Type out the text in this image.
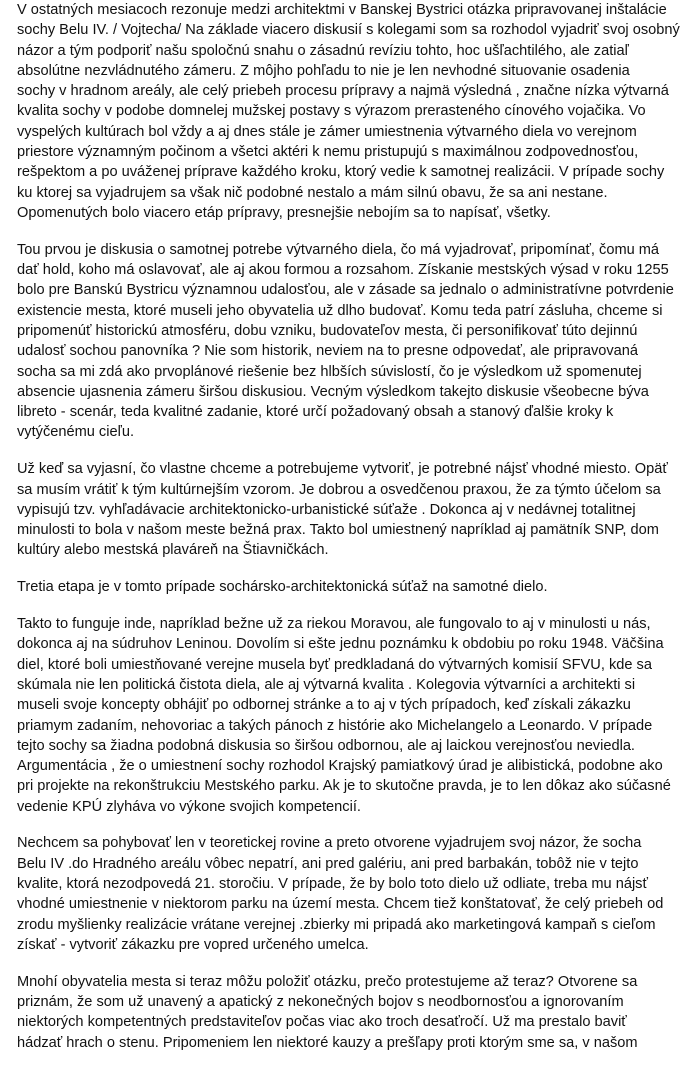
V ostatných mesiacoch rezonuje medzi architektmi v Banskej Bystrici otázka pripravovanej inštalácie
sochy Belu IV. / Vojtecha/ Na základe viacero diskusií s kolegami som sa rozhodol vyjadriť svoj osobný
názor a tým podporiť našu spoločnú snahu o zásadnú revíziu tohto, hoc ušľachtilého, ale zatiaľ
absolútne nezvládnutého zámeru. Z môjho pohľadu to nie je len nevhodné situovanie osadenia
sochy v hradnom areály, ale celý priebeh procesu prípravy a najmä výsledná , značne nízka výtvarná
kvalita sochy v podobe domnelej mužskej postavy s výrazom prerasteného cínového vojačika. Vo
vyspelých kultúrach bol vždy a aj dnes stále je zámer umiestnenia výtvarného diela vo verejnom
priestore významným počinom a všetci aktéri k nemu pristupujú s maximálnou zodpovednosťou,
rešpektom a po uváženej príprave každého kroku, ktorý vedie k samotnej realizácii. V prípade sochy
ku ktorej sa vyjadrujem sa však nič podobné nestalo a mám silnú obavu, že sa ani nestane.
Opomenutých bolo viacero etáp prípravy, presnejšie nebojím sa to napísať, všetky.
Tou prvou je diskusia o samotnej potrebe výtvarného diela, čo má vyjadrovať, pripomínať, čomu má
dať hold, koho má oslavovať, ale aj akou formou a rozsahom. Získanie mestských výsad v roku 1255
bolo pre Banskú Bystricu významnou udalosťou, ale v zásade sa jednalo o administratívne potvrdenie
existencie mesta, ktoré museli jeho obyvatelia už dlho budovať. Komu teda patrí zásluha, chceme si
pripomenúť historickú atmosféru, dobu vzniku, budovateľov mesta, či personifikovať túto dejinnú
udalosť sochou panovníka ? Nie som historik, neviem na to presne odpovedať, ale pripravovaná
socha sa mi zdá ako prvoplánové riešenie bez hlbších súvislostí, čo je výsledkom už spomenutej
absencie ujasnenia zámeru širšou diskusiou. Vecným výsledkom takejto diskusie všeobecne býva
libreto - scenár, teda kvalitné zadanie, ktoré určí požadovaný obsah a stanový ďalšie kroky k
vytýčenému cieľu.
Už keď sa vyjasní, čo vlastne chceme a potrebujeme vytvoriť, je potrebné nájsť vhodné miesto. Opäť
sa musím vrátiť k tým kultúrnejším vzorom. Je dobrou a osvedčenou praxou, že za týmto účelom sa
vypisujú tzv. vyhľadávacie architektonicko-urbanistické súťaže . Dokonca aj v nedávnej totalitnej
minulosti to bola v našom meste bežná prax. Takto bol umiestnený napríklad aj pamätník SNP, dom
kultúry alebo mestská plaváreň na Štiavničkách.
Tretia etapa je v tomto prípade sochársko-architektonická súťaž na samotné dielo.
Takto to funguje inde, napríklad bežne už za riekou Moravou, ale fungovalo to aj v minulosti u nás,
dokonca aj na súdruhov Leninou. Dovolím si ešte jednu poznámku k obdobiu po roku 1948. Väčšina
diel, ktoré boli umiestňované verejne musela byť predkladaná do výtvarných komisií SFVU, kde sa
skúmala nie len politická čistota diela, ale aj výtvarná kvalita . Kolegovia výtvarníci a architekti si
museli svoje koncepty obhájiť po odbornej stránke a to aj v tých prípadoch, keď získali zákazku
priamym zadaním, nehovoriac a takých pánoch z histórie ako Michelangelo a Leonardo. V prípade
tejto sochy sa žiadna podobná diskusia so širšou odbornou, ale aj laickou verejnosťou neviedla.
Argumentácia , že o umiestnení sochy rozhodol Krajský pamiatkový úrad je alibistická, podobne ako
pri projekte na rekonštrukciu Mestského parku. Ak je to skutočne pravda, je to len dôkaz ako súčasné
vedenie KPÚ zlyháva vo výkone svojich kompetencií.
Nechcem sa pohybovať len v teoretickej rovine a preto otvorene vyjadrujem svoj názor, že socha
Belu IV .do Hradného areálu vôbec nepatrí, ani pred galériu, ani pred barbakán, tobôž nie v tejto
kvalite, ktorá nezodpovedá 21. storočiu. V prípade, že by bolo toto dielo už odliate, treba mu nájsť
vhodné umiestnenie v niektorom parku na území mesta. Chcem tiež konštatovať, že celý priebeh od
zrodu myšlienky realizácie vrátane verejnej .zbierky mi pripadá ako marketingová kampaň s cieľom
získať - vytvoriť zákazku pre vopred určeného umelca.
Mnohí obyvatelia mesta si teraz môžu položiť otázku, prečo protestujeme až teraz? Otvorene sa
priznám, že som už unavený a apatický z nekonečných bojov s neodbornosťou a ignorovaním
niektorých kompetentných predstaviteľov počas viac ako troch desaťročí. Už ma prestalo baviť
hádzať hrach o stenu. Pripomeniem len niektoré kauzy a prešľapy proti ktorým sme sa, v našom
